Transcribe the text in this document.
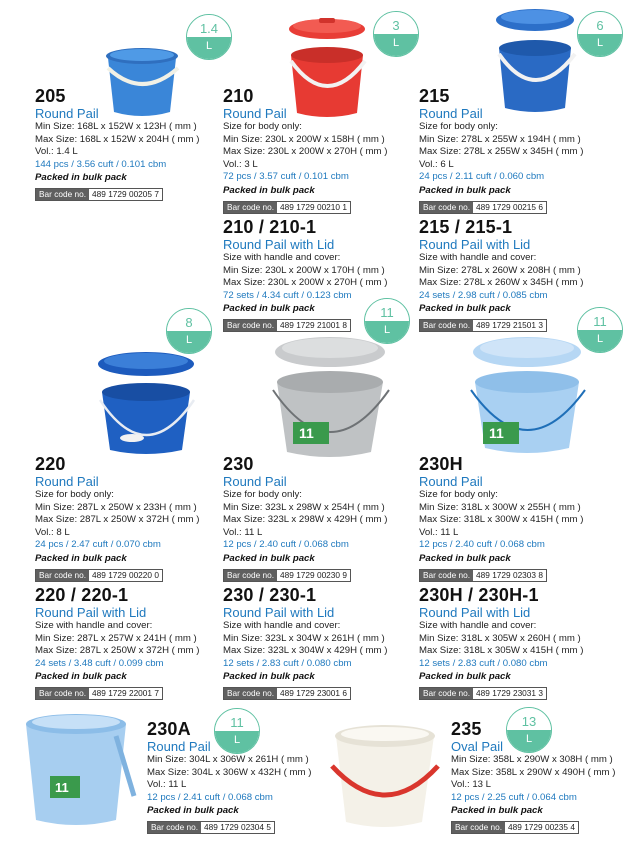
11	11
11
1.4
L
3
L
6
L
8
L
11
L
11
L
11
L
13
L
205
Round Pail
Min Size: 168L x 152W x 123H ( mm )
Max Size: 168L x 152W x 204H ( mm )
Vol.: 1.4 L
144 pcs / 3.56 cuft / 0.101 cbm
Packed in bulk pack
Bar code no. 489 1729 00205 7
210
Round Pail
Size for body only:
Min Size: 230L x 200W x 158H ( mm )
Max Size: 230L x 200W x 270H ( mm )
Vol.: 3 L
72 pcs / 3.57 cuft / 0.101 cbm
Packed in bulk pack
Bar code no. 489 1729 00210 1
215
Round Pail
Size for body only:
Min Size: 278L x 255W x 194H ( mm )
Max Size: 278L x 255W x 345H ( mm )
Vol.: 6 L
24 pcs / 2.11 cuft / 0.060 cbm
Packed in bulk pack
Bar code no. 489 1729 00215 6
210 / 210-1
Round Pail with Lid
Size with handle and cover:
Min Size: 230L x 200W x 170H ( mm )
Max Size: 230L x 200W x 270H ( mm )
72 sets / 4.34 cuft / 0.123 cbm
Packed in bulk pack
Bar code no. 489 1729 21001 8
215 / 215-1
Round Pail with Lid
Size with handle and cover:
Min Size: 278L x 260W x 208H ( mm )
Max Size: 278L x 260W x 345H ( mm )
24 sets / 2.98 cuft / 0.085 cbm
Packed in bulk pack
Bar code no. 489 1729 21501 3
220
Round Pail
Size for body only:
Min Size: 287L x 250W x 233H ( mm )
Max Size: 287L x 250W x 372H ( mm )
Vol.: 8 L
24 pcs / 2.47 cuft / 0.070 cbm
Packed in bulk pack
Bar code no. 489 1729 00220 0
230
Round Pail
Size for body only:
Min Size: 323L x 298W x 254H ( mm )
Max Size: 323L x 298W x 429H ( mm )
Vol.: 11 L
12 pcs / 2.40 cuft / 0.068 cbm
Packed in bulk pack
Bar code no. 489 1729 00230 9
230H
Round Pail
Size for body only:
Min Size: 318L x 300W x 255H ( mm )
Max Size: 318L x 300W x 415H ( mm )
Vol.: 11 L
12 pcs / 2.40 cuft / 0.068 cbm
Packed in bulk pack
Bar code no. 489 1729 02303 8
220 / 220-1
Round Pail with Lid
Size with handle and cover:
Min Size: 287L x 257W x 241H ( mm )
Max Size: 287L x 250W x 372H ( mm )
24 sets / 3.48 cuft / 0.099 cbm
Packed in bulk pack
Bar code no. 489 1729 22001 7
230 / 230-1
Round Pail with Lid
Size with handle and cover:
Min Size: 323L x 304W x 261H ( mm )
Max Size: 323L x 304W x 429H ( mm )
12 sets / 2.83 cuft / 0.080 cbm
Packed in bulk pack
Bar code no. 489 1729 23001 6
230H / 230H-1
Round Pail with Lid
Size with handle and cover:
Min Size: 318L x 305W x 260H ( mm )
Max Size: 318L x 305W x 415H ( mm )
12 sets / 2.83 cuft / 0.080 cbm
Packed in bulk pack
Bar code no. 489 1729 23031 3
230A
Round Pail
Min Size: 304L x 306W x 261H ( mm )
Max Size: 304L x 306W x 432H ( mm )
Vol.: 11 L
12 pcs / 2.41 cuft / 0.068 cbm
Packed in bulk pack
Bar code no. 489 1729 02304 5
235
Oval Pail
Min Size: 358L x 290W x 308H ( mm )
Max Size: 358L x 290W x 490H ( mm )
Vol.: 13 L
12 pcs / 2.25 cuft / 0.064 cbm
Packed in bulk pack
Bar code no. 489 1729 00235 4
